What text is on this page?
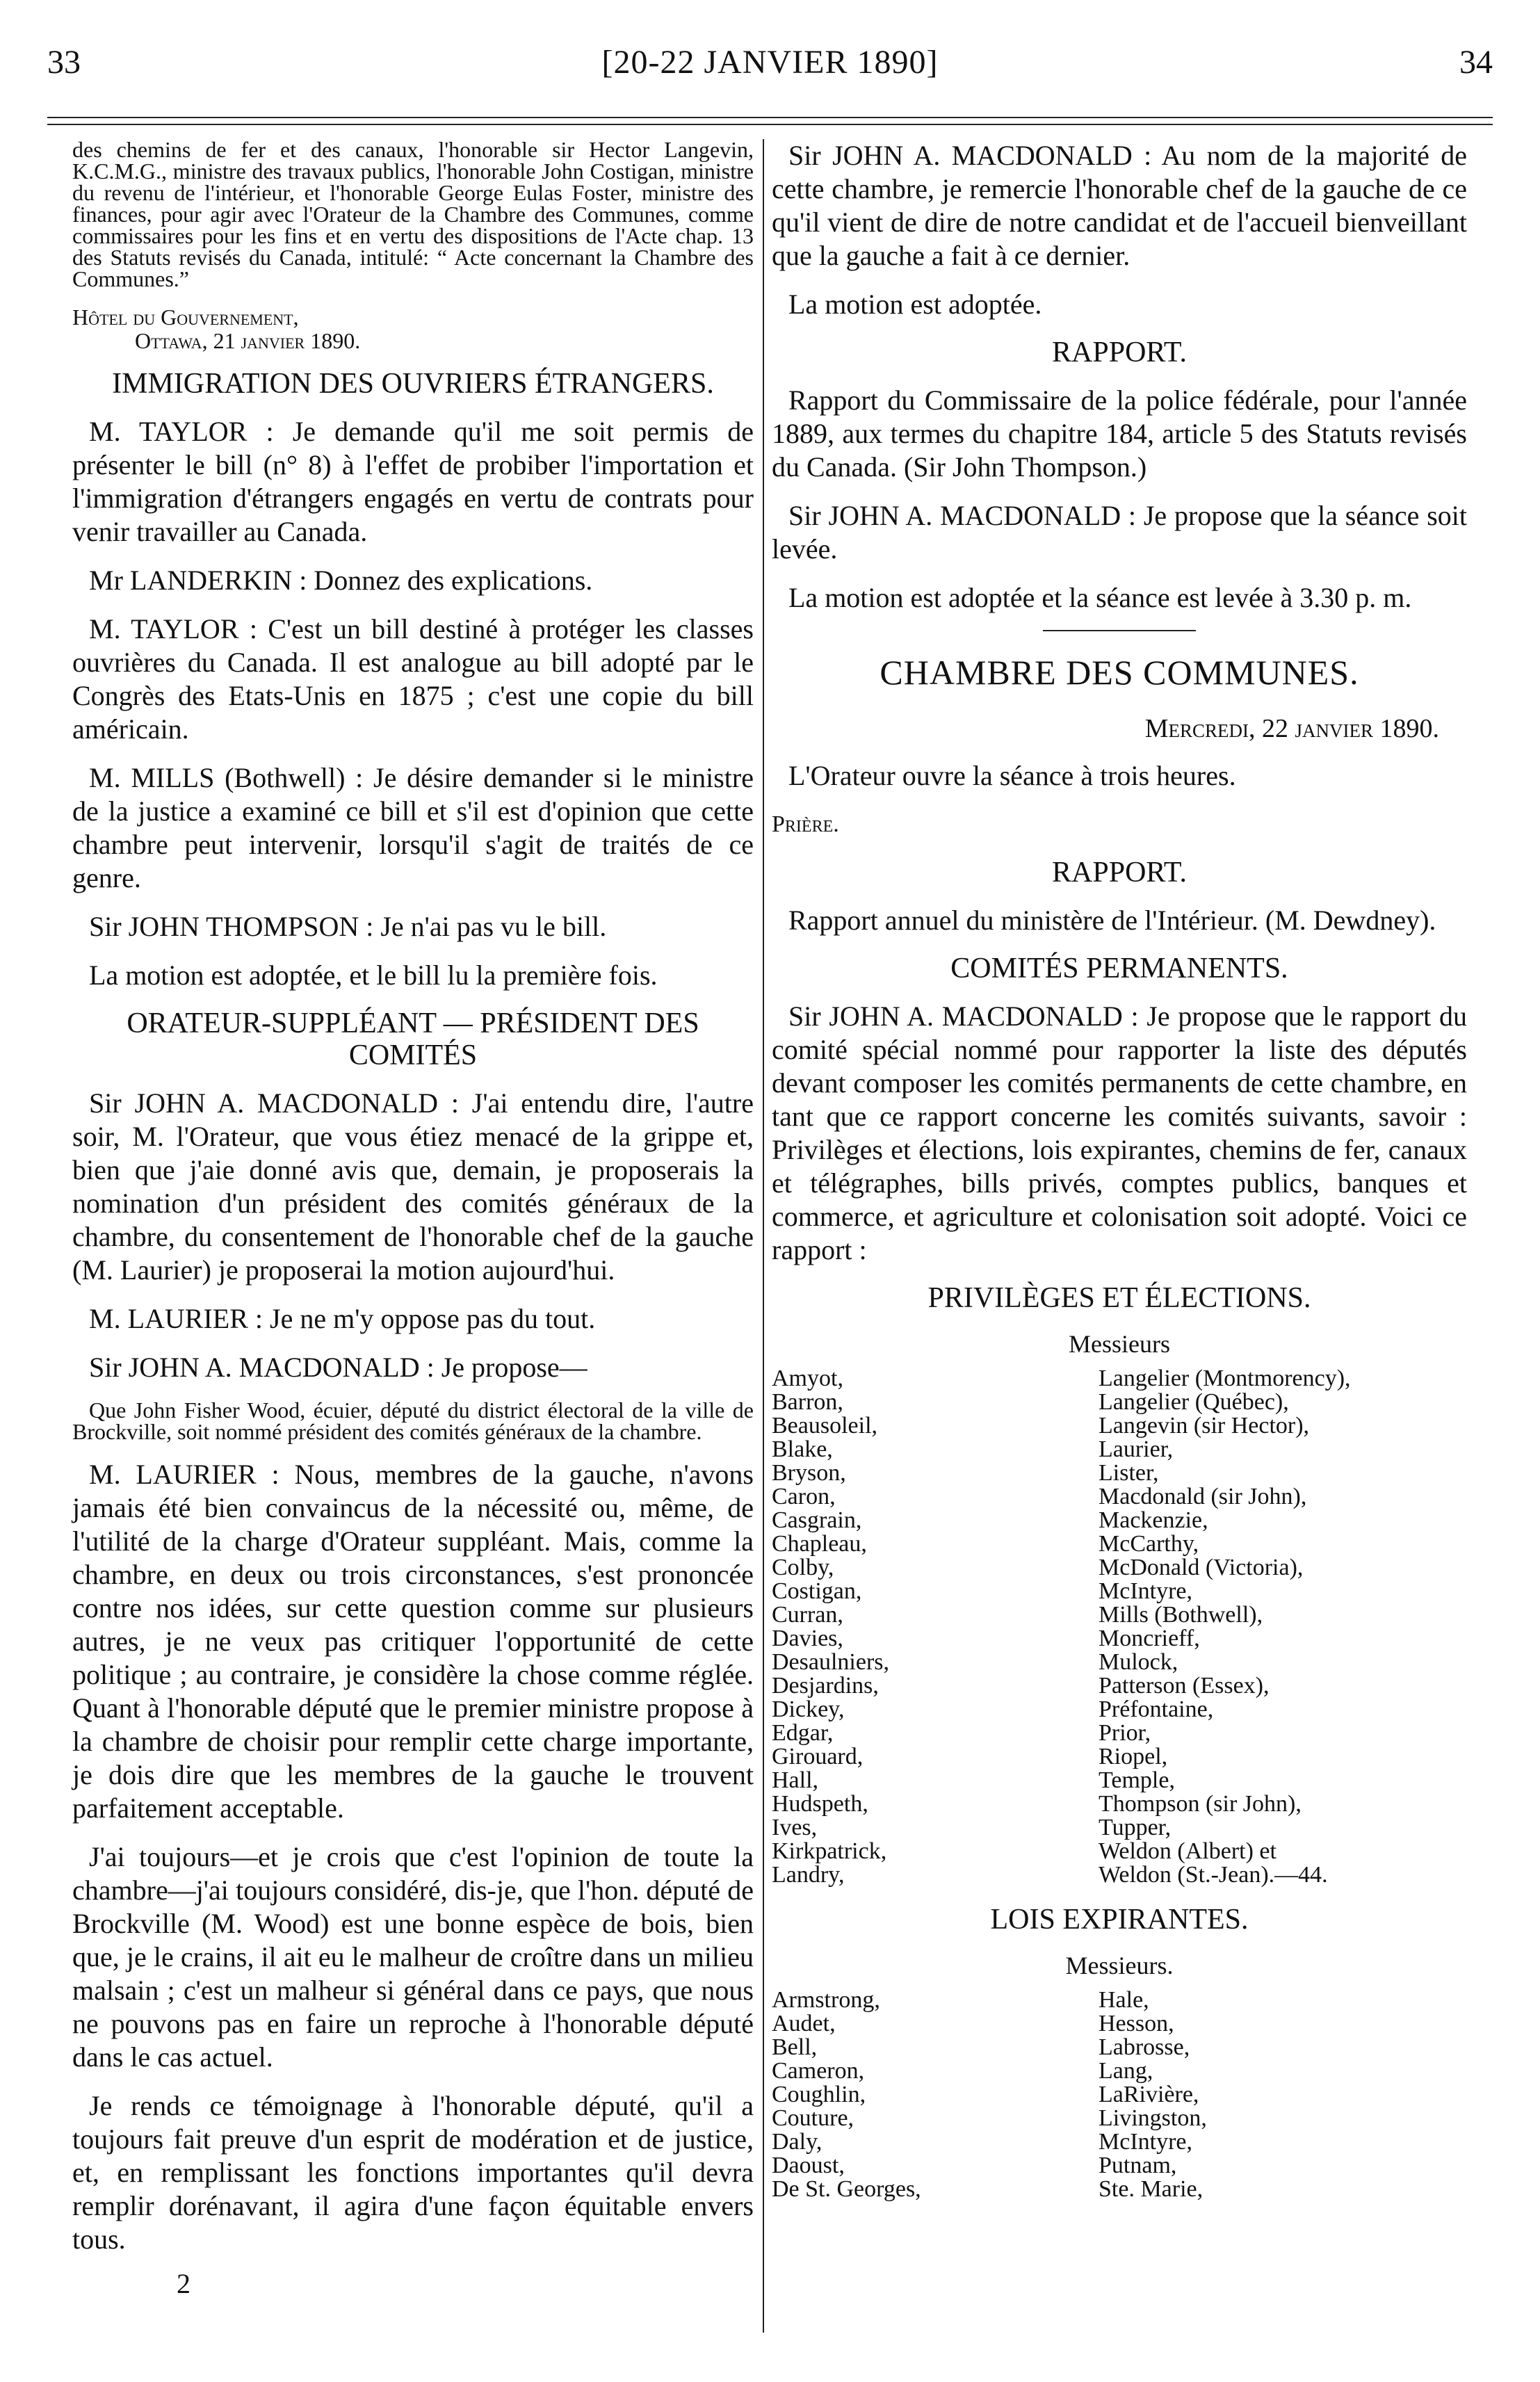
33	[20-22 JANVIER 1890]	34

des chemins de fer et des canaux, l'honorable sir Hector Langevin, K.C.M.G., ministre des travaux publics, l'honorable John Costigan, ministre du revenu de l'intérieur, et l'honorable George Eulas Foster, ministre des finances, pour agir avec l'Orateur de la Chambre des Communes, comme commissaires pour les fins et en vertu des dispositions de l'Acte chap. 13 des Statuts revisés du Canada, intitulé: “ Acte concernant la Chambre des Communes.”

Hôtel du Gouvernement,
Ottawa, 21 janvier 1890.
IMMIGRATION DES OUVRIERS ÉTRANGERS.

M. TAYLOR : Je demande qu'il me soit permis de présenter le bill (n° 8) à l'effet de probiber l'importation et l'immigration d'étrangers engagés en vertu de contrats pour venir travailler au Canada.

Mr LANDERKIN : Donnez des explications.

M. TAYLOR : C'est un bill destiné à protéger les classes ouvrières du Canada. Il est analogue au bill adopté par le Congrès des Etats-Unis en 1875 ; c'est une copie du bill américain.

M. MILLS (Bothwell) : Je désire demander si le ministre de la justice a examiné ce bill et s'il est d'opinion que cette chambre peut intervenir, lorsqu'il s'agit de traités de ce genre.

Sir JOHN THOMPSON : Je n'ai pas vu le bill.

La motion est adoptée, et le bill lu la première fois.

ORATEUR-SUPPLÉANT — PRÉSIDENT DES COMITÉS

Sir JOHN A. MACDONALD : J'ai entendu dire, l'autre soir, M. l'Orateur, que vous étiez menacé de la grippe et, bien que j'aie donné avis que, demain, je proposerais la nomination d'un président des comités généraux de la chambre, du consentement de l'honorable chef de la gauche (M. Laurier) je proposerai la motion aujourd'hui.

M. LAURIER : Je ne m'y oppose pas du tout.

Sir JOHN A. MACDONALD : Je propose—

Que John Fisher Wood, écuier, député du district électoral de la ville de Brockville, soit nommé président des comités généraux de la chambre.

M. LAURIER : Nous, membres de la gauche, n'avons jamais été bien convaincus de la nécessité ou, même, de l'utilité de la charge d'Orateur suppléant. Mais, comme la chambre, en deux ou trois circonstances, s'est prononcée contre nos idées, sur cette question comme sur plusieurs autres, je ne veux pas critiquer l'opportunité de cette politique ; au contraire, je considère la chose comme réglée. Quant à l'honorable député que le premier ministre propose à la chambre de choisir pour remplir cette charge importante, je dois dire que les membres de la gauche le trouvent parfaitement acceptable.

J'ai toujours—et je crois que c'est l'opinion de toute la chambre—j'ai toujours considéré, dis-je, que l'hon. député de Brockville (M. Wood) est une bonne espèce de bois, bien que, je le crains, il ait eu le malheur de croître dans un milieu malsain ; c'est un malheur si général dans ce pays, que nous ne pouvons pas en faire un reproche à l'honorable député dans le cas actuel.

Je rends ce témoignage à l'honorable député, qu'il a toujours fait preuve d'un esprit de modération et de justice, et, en remplissant les fonctions importantes qu'il devra remplir dorénavant, il agira d'une façon équitable envers tous.

2

Sir JOHN A. MACDONALD : Au nom de la majorité de cette chambre, je remercie l'honorable chef de la gauche de ce qu'il vient de dire de notre candidat et de l'accueil bienveillant que la gauche a fait à ce dernier.

La motion est adoptée.

RAPPORT.

Rapport du Commissaire de la police fédérale, pour l'année 1889, aux termes du chapitre 184, article 5 des Statuts revisés du Canada. (Sir John Thompson.)

Sir JOHN A. MACDONALD : Je propose que la séance soit levée.

La motion est adoptée et la séance est levée à 3.30 p. m.

CHAMBRE DES COMMUNES.
Mercredi, 22 janvier 1890.

L'Orateur ouvre la séance à trois heures.

Prière.

RAPPORT.

Rapport annuel du ministère de l'Intérieur. (M. Dewdney).

COMITÉS PERMANENTS.

Sir JOHN A. MACDONALD : Je propose que le rapport du comité spécial nommé pour rapporter la liste des députés devant composer les comités permanents de cette chambre, en tant que ce rapport concerne les comités suivants, savoir : Privilèges et élections, lois expirantes, chemins de fer, canaux et télégraphes, bills privés, comptes publics, banques et commerce, et agriculture et colonisation soit adopté. Voici ce rapport :

PRIVILÈGES ET ÉLECTIONS.
Messieurs
Amyot,
Barron,
Beausoleil,
Blake,
Bryson,
Caron,
Casgrain,
Chapleau,
Colby,
Costigan,
Curran,
Davies,
Desaulniers,
Desjardins,
Dickey,
Edgar,
Girouard,
Hall,
Hudspeth,
Ives,
Kirkpatrick,
Landry,
Langelier (Montmorency),
Langelier (Québec),
Langevin (sir Hector),
Laurier,
Lister,
Macdonald (sir John),
Mackenzie,
McCarthy,
McDonald (Victoria),
McIntyre,
Mills (Bothwell),
Moncrieff,
Mulock,
Patterson (Essex),
Préfontaine,
Prior,
Riopel,
Temple,
Thompson (sir John),
Tupper,
Weldon (Albert) et
Weldon (St.-Jean).—44.
LOIS EXPIRANTES.
Messieurs.
Armstrong,
Audet,
Bell,
Cameron,
Coughlin,
Couture,
Daly,
Daoust,
De St. Georges,
Hale,
Hesson,
Labrosse,
Lang,
LaRivière,
Livingston,
McIntyre,
Putnam,
Ste. Marie,
